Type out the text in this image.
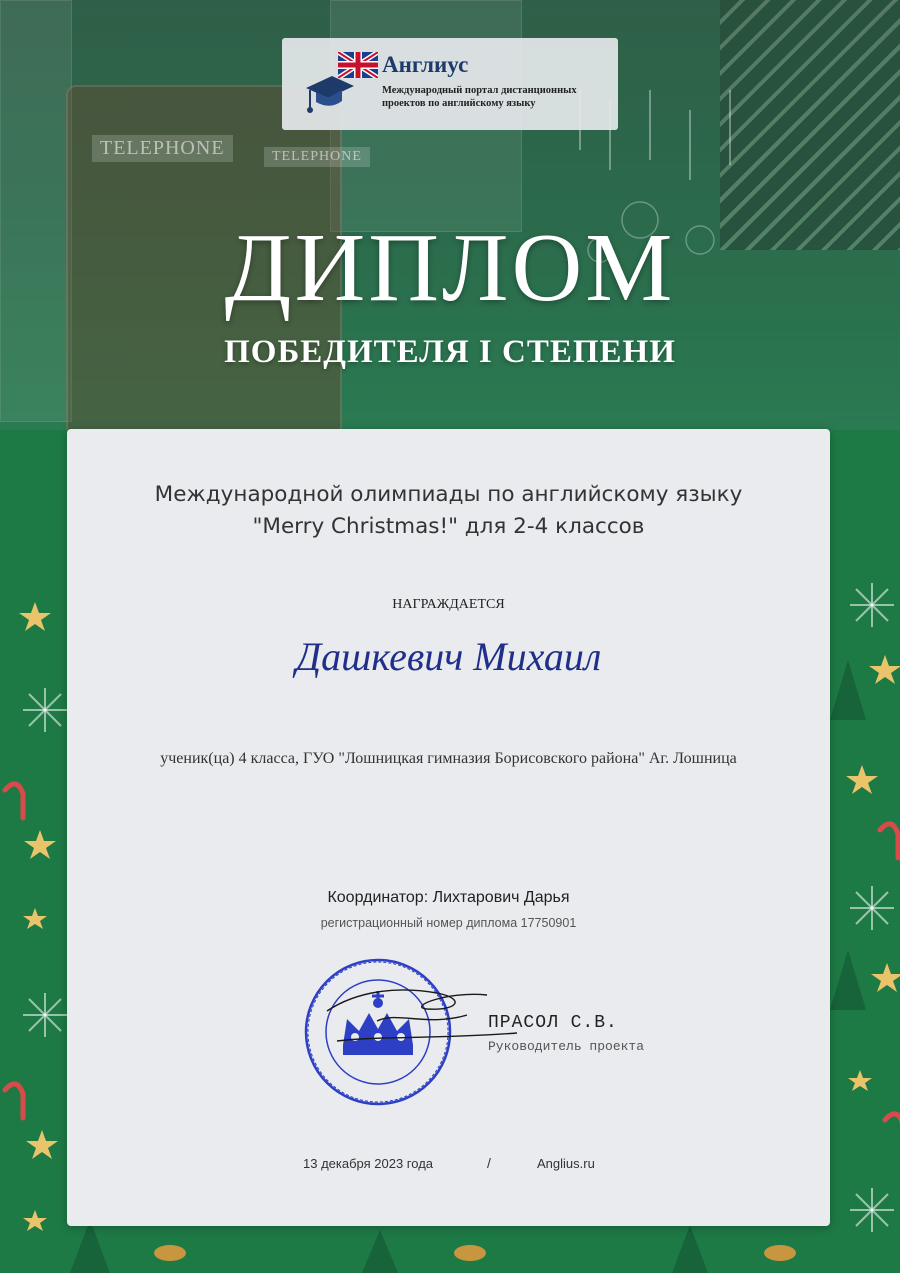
TELEPHONE	TELEPHONE
Англиус
Международный портал дистанционных проектов по английскому языку
ДИПЛОМ
ПОБЕДИТЕЛЯ I СТЕПЕНИ
Международной олимпиады по английскому языку
"Merry Christmas!" для 2-4 классов
НАГРАЖДАЕТСЯ
Дашкевич Михаил
ученик(ца) 4 класса, ГУО "Лошницкая гимназия Борисовского района" Аг. Лошница
Координатор: Лихтарович Дарья
регистрационный номер диплома 17750901
ПРАСОЛ С.В.
Руководитель проекта
13 декабря 2023 года	/	Anglius.ru
